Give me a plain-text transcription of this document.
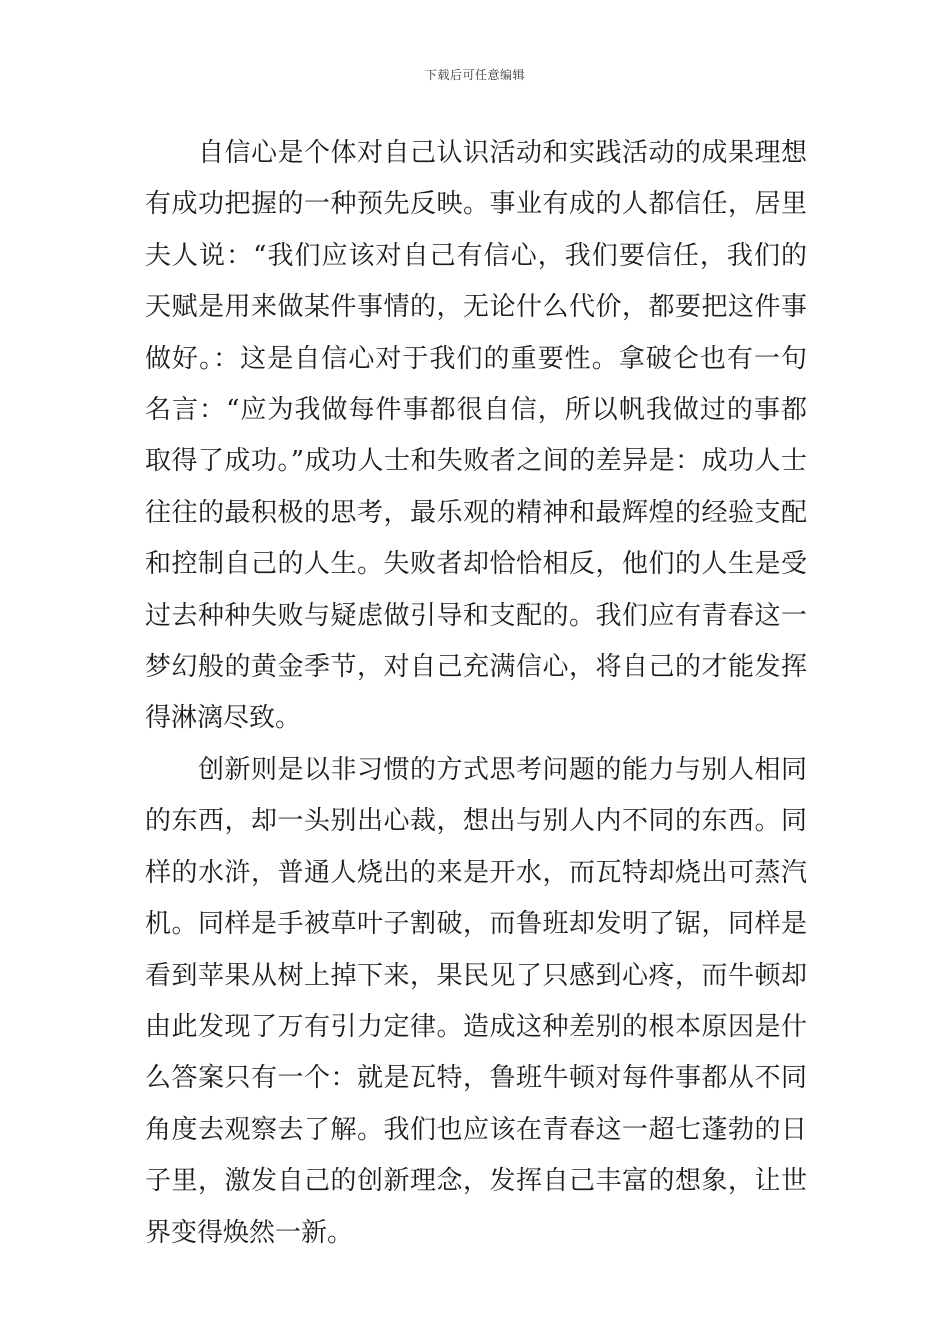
下载后可任意编辑

自信心是个体对自己认识活动和实践活动的成果理想有成功把握的一种预先反映。事业有成的人都信任，居里夫人说：“我们应该对自己有信心，我们要信任，我们的天赋是用来做某件事情的，无论什么代价，都要把这件事做好。：这是自信心对于我们的重要性。拿破仑也有一句名言：“应为我做每件事都很自信，所以帆我做过的事都取得了成功。”成功人士和失败者之间的差异是：成功人士往往的最积极的思考，最乐观的精神和最辉煌的经验支配和控制自己的人生。失败者却恰恰相反，他们的人生是受过去种种失败与疑虑做引导和支配的。我们应有青春这一梦幻般的黄金季节，对自己充满信心，将自己的才能发挥得淋漓尽致。

创新则是以非习惯的方式思考问题的能力与别人相同的东西，却一头别出心裁，想出与别人内不同的东西。同样的水浒，普通人烧出的来是开水，而瓦特却烧出可蒸汽机。同样是手被草叶子割破，而鲁班却发明了锯，同样是看到苹果从树上掉下来，果民见了只感到心疼，而牛顿却由此发现了万有引力定律。造成这种差别的根本原因是什么答案只有一个：就是瓦特，鲁班牛顿对每件事都从不同角度去观察去了解。我们也应该在青春这一超七蓬勃的日子里，激发自己的创新理念，发挥自己丰富的想象，让世界变得焕然一新。
